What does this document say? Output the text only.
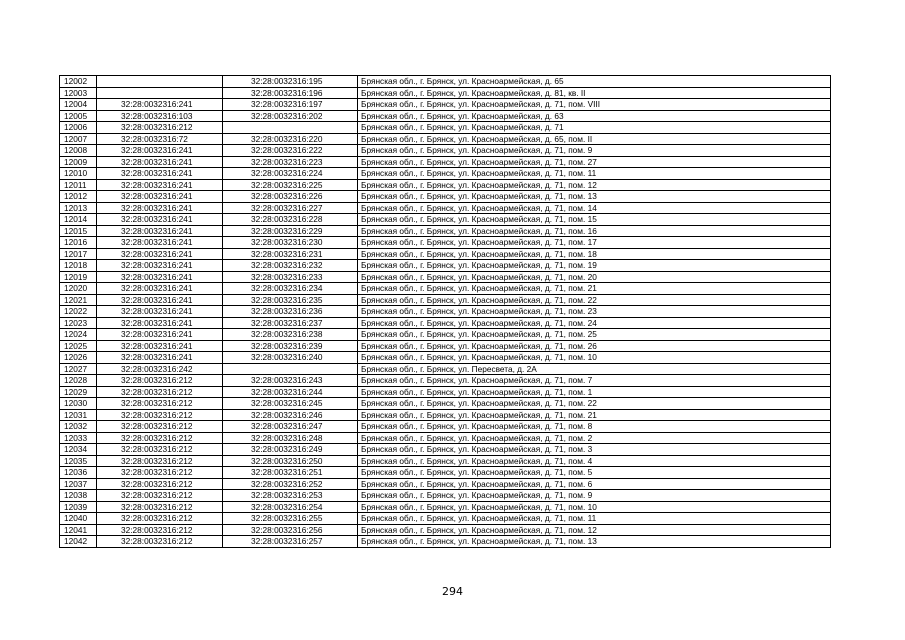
12002		32:28:0032316:195	Брянская обл., г. Брянск, ул. Красноармейская, д. 65
12003		32:28:0032316:196	Брянская обл., г. Брянск, ул. Красноармейская, д. 81, кв. II
12004	32:28:0032316:241	32:28:0032316:197	Брянская обл., г. Брянск, ул. Красноармейская, д. 71, пом. VIII
12005	32:28:0032316:103	32:28:0032316:202	Брянская обл., г. Брянск, ул. Красноармейская, д. 63
12006	32:28:0032316:212		Брянская обл., г. Брянск, ул. Красноармейская, д. 71
12007	32:28:0032316:72	32:28:0032316:220	Брянская обл., г. Брянск, ул. Красноармейская, д. 65, пом. II
12008	32:28:0032316:241	32:28:0032316:222	Брянская обл., г. Брянск, ул. Красноармейская, д. 71, пом. 9
12009	32:28:0032316:241	32:28:0032316:223	Брянская обл., г. Брянск, ул. Красноармейская, д. 71, пом. 27
12010	32:28:0032316:241	32:28:0032316:224	Брянская обл., г. Брянск, ул. Красноармейская, д. 71, пом. 11
12011	32:28:0032316:241	32:28:0032316:225	Брянская обл., г. Брянск, ул. Красноармейская, д. 71, пом. 12
12012	32:28:0032316:241	32:28:0032316:226	Брянская обл., г. Брянск, ул. Красноармейская, д. 71, пом. 13
12013	32:28:0032316:241	32:28:0032316:227	Брянская обл., г. Брянск, ул. Красноармейская, д. 71, пом. 14
12014	32:28:0032316:241	32:28:0032316:228	Брянская обл., г. Брянск, ул. Красноармейская, д. 71, пом. 15
12015	32:28:0032316:241	32:28:0032316:229	Брянская обл., г. Брянск, ул. Красноармейская, д. 71, пом. 16
12016	32:28:0032316:241	32:28:0032316:230	Брянская обл., г. Брянск, ул. Красноармейская, д. 71, пом. 17
12017	32:28:0032316:241	32:28:0032316:231	Брянская обл., г. Брянск, ул. Красноармейская, д. 71, пом. 18
12018	32:28:0032316:241	32:28:0032316:232	Брянская обл., г. Брянск, ул. Красноармейская, д. 71, пом. 19
12019	32:28:0032316:241	32:28:0032316:233	Брянская обл., г. Брянск, ул. Красноармейская, д. 71, пом. 20
12020	32:28:0032316:241	32:28:0032316:234	Брянская обл., г. Брянск, ул. Красноармейская, д. 71, пом. 21
12021	32:28:0032316:241	32:28:0032316:235	Брянская обл., г. Брянск, ул. Красноармейская, д. 71, пом. 22
12022	32:28:0032316:241	32:28:0032316:236	Брянская обл., г. Брянск, ул. Красноармейская, д. 71, пом. 23
12023	32:28:0032316:241	32:28:0032316:237	Брянская обл., г. Брянск, ул. Красноармейская, д. 71, пом. 24
12024	32:28:0032316:241	32:28:0032316:238	Брянская обл., г. Брянск, ул. Красноармейская, д. 71, пом. 25
12025	32:28:0032316:241	32:28:0032316:239	Брянская обл., г. Брянск, ул. Красноармейская, д. 71, пом. 26
12026	32:28:0032316:241	32:28:0032316:240	Брянская обл., г. Брянск, ул. Красноармейская, д. 71, пом. 10
12027	32:28:0032316:242		Брянская обл., г. Брянск, ул. Пересвета, д. 2А
12028	32:28:0032316:212	32:28:0032316:243	Брянская обл., г. Брянск, ул. Красноармейская, д. 71, пом. 7
12029	32:28:0032316:212	32:28:0032316:244	Брянская обл., г. Брянск, ул. Красноармейская, д. 71, пом. 1
12030	32:28:0032316:212	32:28:0032316:245	Брянская обл., г. Брянск, ул. Красноармейская, д. 71, пом. 22
12031	32:28:0032316:212	32:28:0032316:246	Брянская обл., г. Брянск, ул. Красноармейская, д. 71, пом. 21
12032	32:28:0032316:212	32:28:0032316:247	Брянская обл., г. Брянск, ул. Красноармейская, д. 71, пом. 8
12033	32:28:0032316:212	32:28:0032316:248	Брянская обл., г. Брянск, ул. Красноармейская, д. 71, пом. 2
12034	32:28:0032316:212	32:28:0032316:249	Брянская обл., г. Брянск, ул. Красноармейская, д. 71, пом. 3
12035	32:28:0032316:212	32:28:0032316:250	Брянская обл., г. Брянск, ул. Красноармейская, д. 71, пом. 4
12036	32:28:0032316:212	32:28:0032316:251	Брянская обл., г. Брянск, ул. Красноармейская, д. 71, пом. 5
12037	32:28:0032316:212	32:28:0032316:252	Брянская обл., г. Брянск, ул. Красноармейская, д. 71, пом. 6
12038	32:28:0032316:212	32:28:0032316:253	Брянская обл., г. Брянск, ул. Красноармейская, д. 71, пом. 9
12039	32:28:0032316:212	32:28:0032316:254	Брянская обл., г. Брянск, ул. Красноармейская, д. 71, пом. 10
12040	32:28:0032316:212	32:28:0032316:255	Брянская обл., г. Брянск, ул. Красноармейская, д. 71, пом. 11
12041	32:28:0032316:212	32:28:0032316:256	Брянская обл., г. Брянск, ул. Красноармейская, д. 71, пом. 12
12042	32:28:0032316:212	32:28:0032316:257	Брянская обл., г. Брянск, ул. Красноармейская, д. 71, пом. 13
294
